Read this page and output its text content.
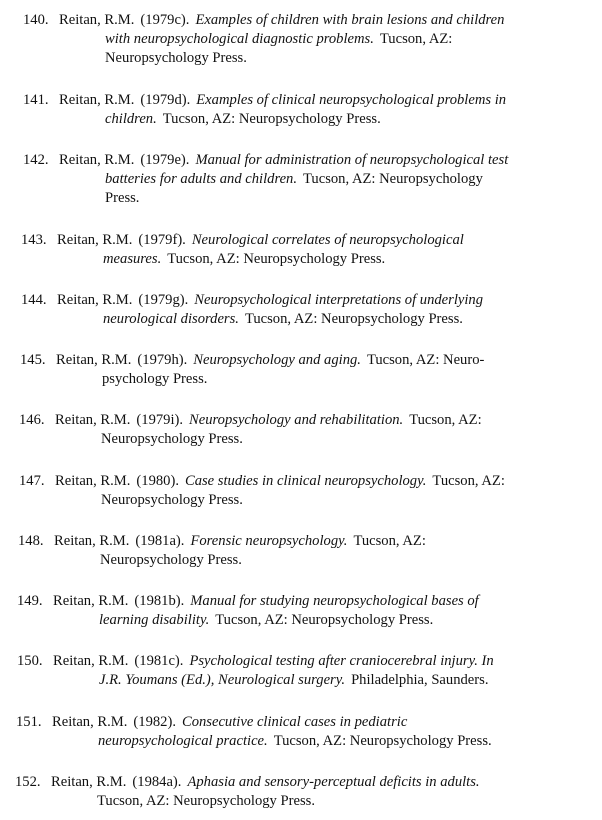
140. Reitan, R.M. (1979c). Examples of children with brain lesions and children
with neuropsychological diagnostic problems. Tucson, AZ:
Neuropsychology Press.
141. Reitan, R.M. (1979d). Examples of clinical neuropsychological problems in
children. Tucson, AZ: Neuropsychology Press.
142. Reitan, R.M. (1979e). Manual for administration of neuropsychological test
batteries for adults and children. Tucson, AZ: Neuropsychology
Press.
143. Reitan, R.M. (1979f). Neurological correlates of neuropsychological
measures. Tucson, AZ: Neuropsychology Press.
144. Reitan, R.M. (1979g). Neuropsychological interpretations of underlying
neurological disorders. Tucson, AZ: Neuropsychology Press.
145. Reitan, R.M. (1979h). Neuropsychology and aging. Tucson, AZ: Neuro-
psychology Press.
146. Reitan, R.M. (1979i). Neuropsychology and rehabilitation. Tucson, AZ:
Neuropsychology Press.
147. Reitan, R.M. (1980). Case studies in clinical neuropsychology. Tucson, AZ:
Neuropsychology Press.
148. Reitan, R.M. (1981a). Forensic neuropsychology. Tucson, AZ:
Neuropsychology Press.
149. Reitan, R.M. (1981b). Manual for studying neuropsychological bases of
learning disability. Tucson, AZ: Neuropsychology Press.
150. Reitan, R.M. (1981c). Psychological testing after craniocerebral injury. In
J.R. Youmans (Ed.), Neurological surgery. Philadelphia, Saunders.
151. Reitan, R.M. (1982). Consecutive clinical cases in pediatric
neuropsychological practice. Tucson, AZ: Neuropsychology Press.
152. Reitan, R.M. (1984a). Aphasia and sensory-perceptual deficits in adults.
Tucson, AZ: Neuropsychology Press.
